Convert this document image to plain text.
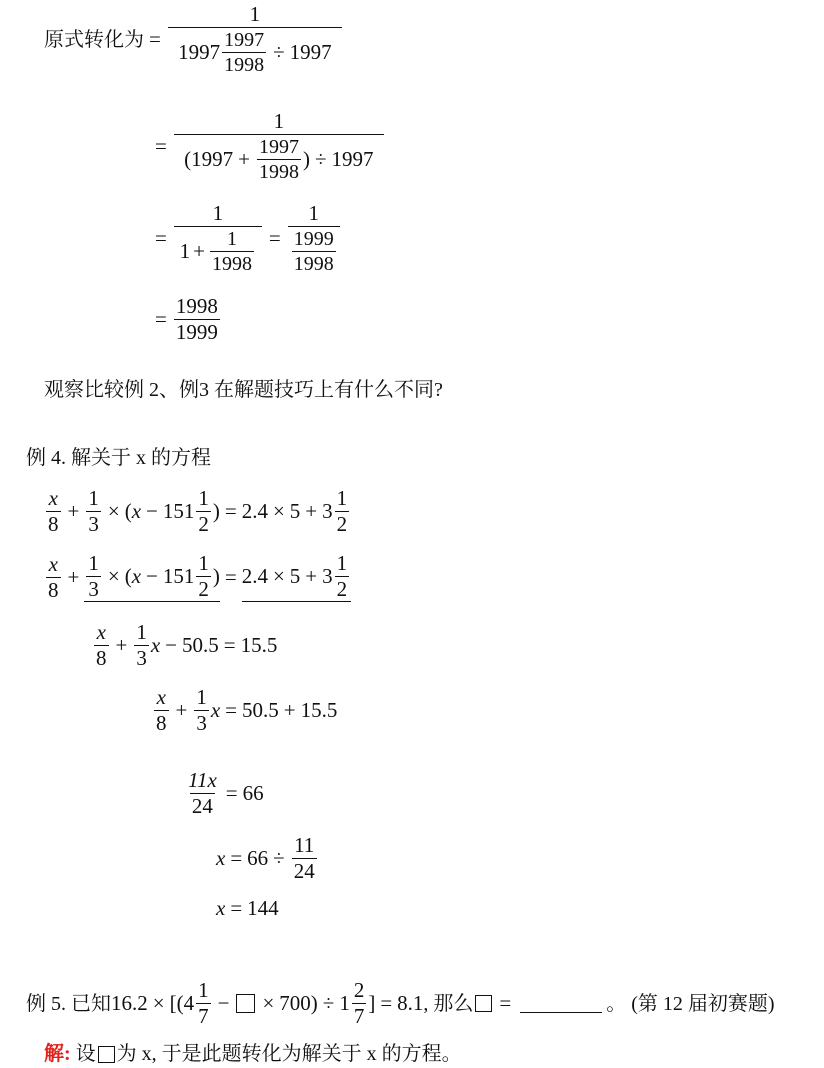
原式转化为 =
1
$1997 \frac{1997}{1998} \div 1997$
=
1
( $1997 + \frac{1997}{1998}$ ) ÷ 1997
= $\frac{1}{1 + \frac{1}{1998}} = \frac{1}{\frac{1999}{1998}}$
= $\frac{1998}{1999}$
观察比较例 2、例3 在解题技巧上有什么不同?
例 4. 解关于 x 的方程
$\frac{x}{8} + \frac{1}{3}$ × ( $x - 151 \frac{1}{2}$ ) = $2.4 \times 5 + 3 \frac{1}{2}$
$\frac{x}{8} + \frac{1}{3}$ × ( $x - 151 \frac{1}{2}$ ) = $2.4 \times 5 + 3 \frac{1}{2}$
$\frac{x}{8} + \frac{1}{3}$ x − 50.5 = 15.5
$\frac{x}{8} + \frac{1}{3}$ x = 50.5 + 15.5
$\frac{11x}{24} = 66$
$x = 66 \div \frac{11}{24}$
x = 144
例 5. 已知 16.2 × [( $4 \frac{1}{7}$ − × $700) \div 1 \frac{2}{7}$ ] = 8.1 , 那么 =	。 (第 12 届初赛题)
解: 设 为 x, 于是此题转化为解关于 x 的方程。
